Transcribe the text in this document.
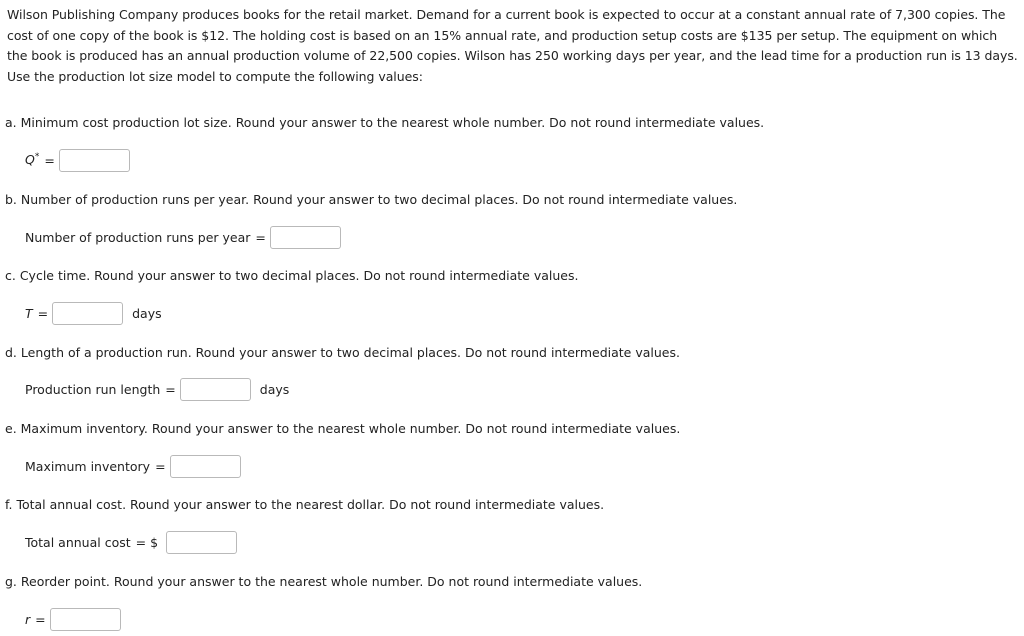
Wilson Publishing Company produces books for the retail market. Demand for a current book is expected to occur at a constant annual rate of 7,300 copies. The cost of one copy of the book is $12. The holding cost is based on an 15% annual rate, and production setup costs are $135 per setup. The equipment on which the book is produced has an annual production volume of 22,500 copies. Wilson has 250 working days per year, and the lead time for a production run is 13 days. Use the production lot size model to compute the following values:
a. Minimum cost production lot size. Round your answer to the nearest whole number. Do not round intermediate values.
Q* =
b. Number of production runs per year. Round your answer to two decimal places. Do not round intermediate values.
Number of production runs per year =
c. Cycle time. Round your answer to two decimal places. Do not round intermediate values.
T =	days
d. Length of a production run. Round your answer to two decimal places. Do not round intermediate values.
Production run length =	days
e. Maximum inventory. Round your answer to the nearest whole number. Do not round intermediate values.
Maximum inventory =
f. Total annual cost. Round your answer to the nearest dollar. Do not round intermediate values.
Total annual cost = $
g. Reorder point. Round your answer to the nearest whole number. Do not round intermediate values.
r =
